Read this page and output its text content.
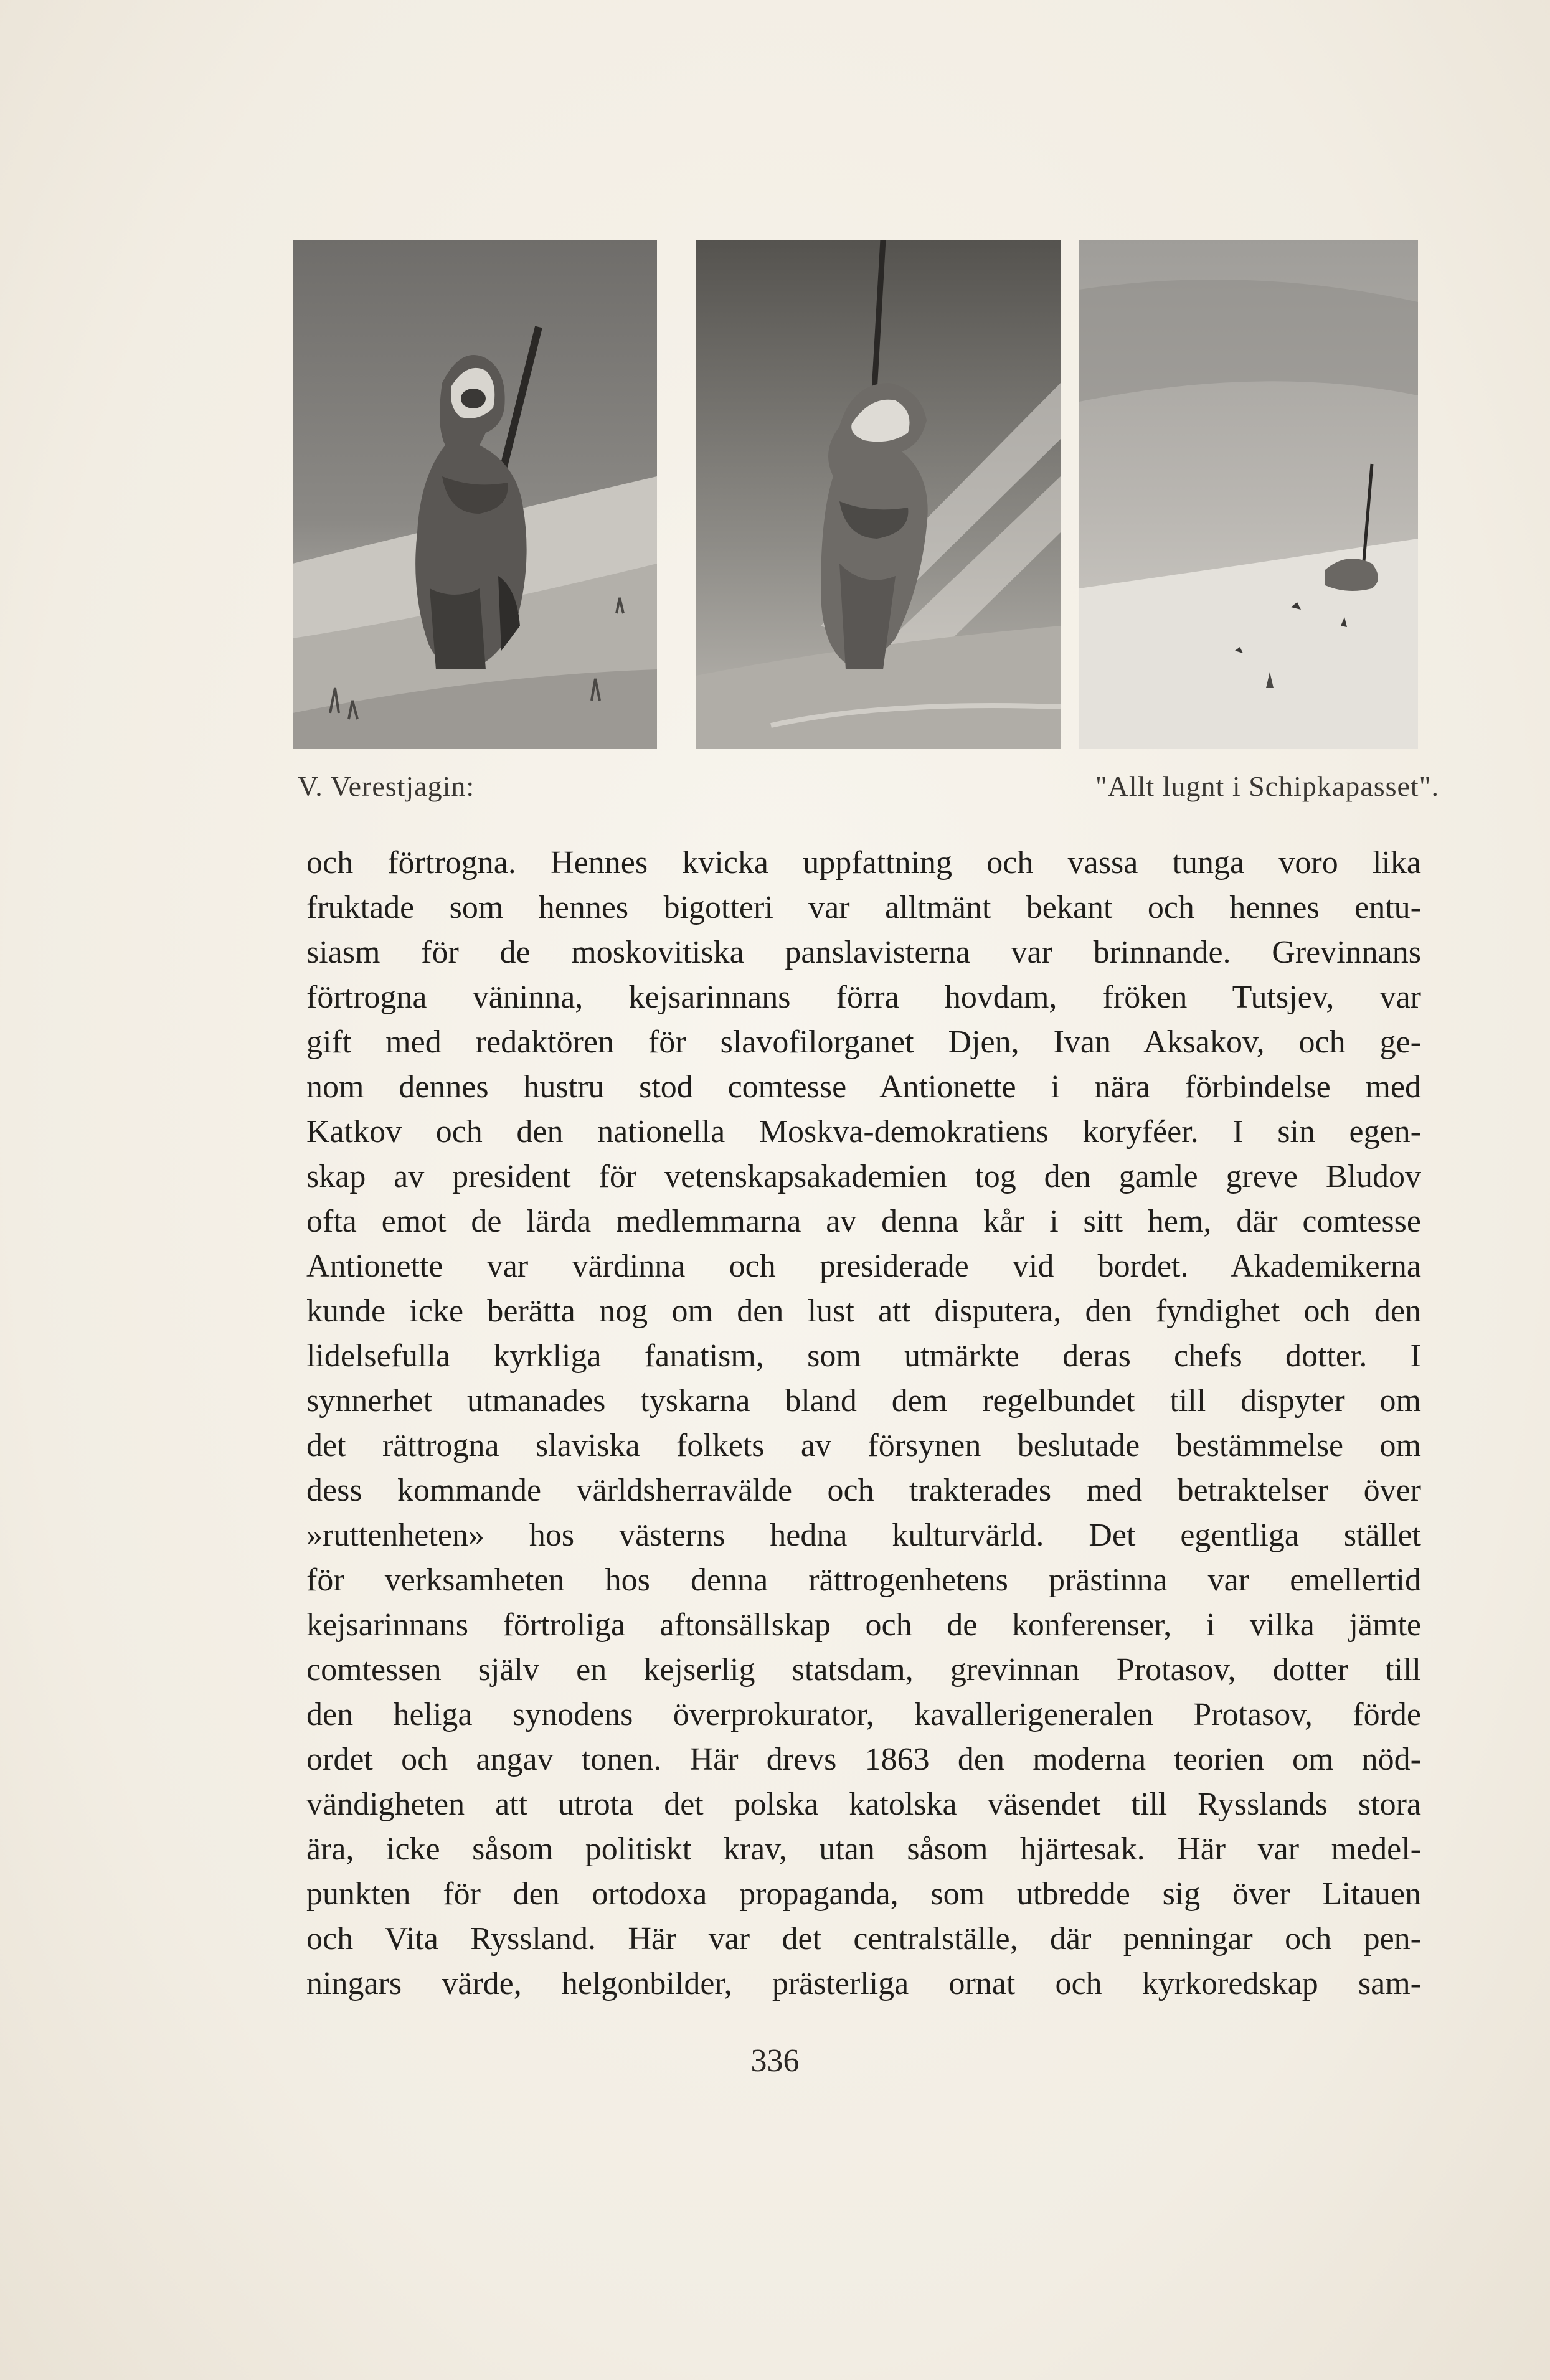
V. Verestjagin:	"Allt lugnt i Schipkapasset".
och förtrogna. Hennes kvicka uppfattning och vassa tunga voro lika
fruktade som hennes bigotteri var alltmänt bekant och hennes entu-
siasm för de moskovitiska panslavisterna var brinnande. Grevinnans
förtrogna väninna, kejsarinnans förra hovdam, fröken Tutsjev, var
gift med redaktören för slavofilorganet Djen, Ivan Aksakov, och ge-
nom dennes hustru stod comtesse Antionette i nära förbindelse med
Katkov och den nationella Moskva-demokratiens koryféer. I sin egen-
skap av president för vetenskapsakademien tog den gamle greve Bludov
ofta emot de lärda medlemmarna av denna kår i sitt hem, där comtesse
Antionette var värdinna och presiderade vid bordet. Akademikerna
kunde icke berätta nog om den lust att disputera, den fyndighet och den
lidelsefulla kyrkliga fanatism, som utmärkte deras chefs dotter. I
synnerhet utmanades tyskarna bland dem regelbundet till dispyter om
det rättrogna slaviska folkets av försynen beslutade bestämmelse om
dess kommande världsherravälde och trakterades med betraktelser över
»ruttenheten» hos västerns hedna kulturvärld. Det egentliga stället
för verksamheten hos denna rättrogenhetens prästinna var emellertid
kejsarinnans förtroliga aftonsällskap och de konferenser, i vilka jämte
comtessen själv en kejserlig statsdam, grevinnan Protasov, dotter till
den heliga synodens överprokurator, kavallerigeneralen Protasov, förde
ordet och angav tonen. Här drevs 1863 den moderna teorien om nöd-
vändigheten att utrota det polska katolska väsendet till Rysslands stora
ära, icke såsom politiskt krav, utan såsom hjärtesak. Här var medel-
punkten för den ortodoxa propaganda, som utbredde sig över Litauen
och Vita Ryssland. Här var det centralställe, där penningar och pen-
ningars värde, helgonbilder, prästerliga ornat och kyrkoredskap sam-
336
